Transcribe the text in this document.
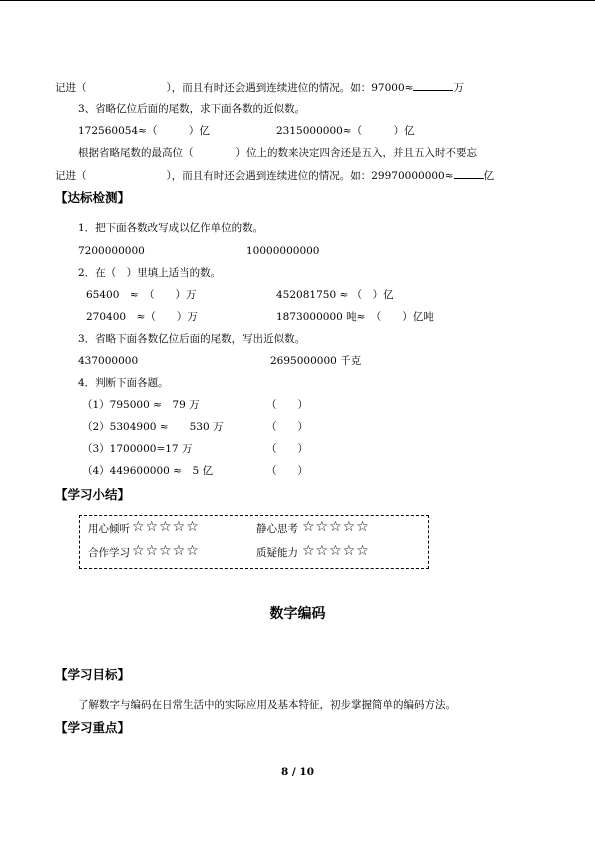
记进（	），而且有时还会遇到连续进位的情况。如：97000≈	万
3、省略亿位后面的尾数，求下面各数的近似数。
172560054≈（　　　）亿	2315000000≈（　　　）亿
根据省略尾数的最高位（　　　　）位上的数来决定四舍还是五入，并且五入时不要忘
记进（	），而且有时还会遇到连续进位的情况。如：29970000000≈	亿
【达标检测】
1．把下面各数改写成以亿作单位的数。
7200000000	10000000000
2．在（　）里填上适当的数。
65400　≈　（　　）万	452081750 ≈ （　）亿
270400　≈（　　）万	1873000000 吨≈　（　　）亿吨
3．省略下面各数亿位后面的尾数，写出近似数。
437000000	2695000000 千克
4．判断下面各题。
（1）795000 ≈　79 万	（　　）
（2）5304900 ≈　　530 万	（　　）
（3）1700000=17 万	（　　）
（4）449600000 ≈　5 亿	（　　）
【学习小结】
用心倾听 ☆☆☆☆☆	静心思考 ☆☆☆☆☆
合作学习 ☆☆☆☆☆	质疑能力 ☆☆☆☆☆
数字编码
【学习目标】
了解数字与编码在日常生活中的实际应用及基本特征，初步掌握简单的编码方法。
【学习重点】
8 / 10
